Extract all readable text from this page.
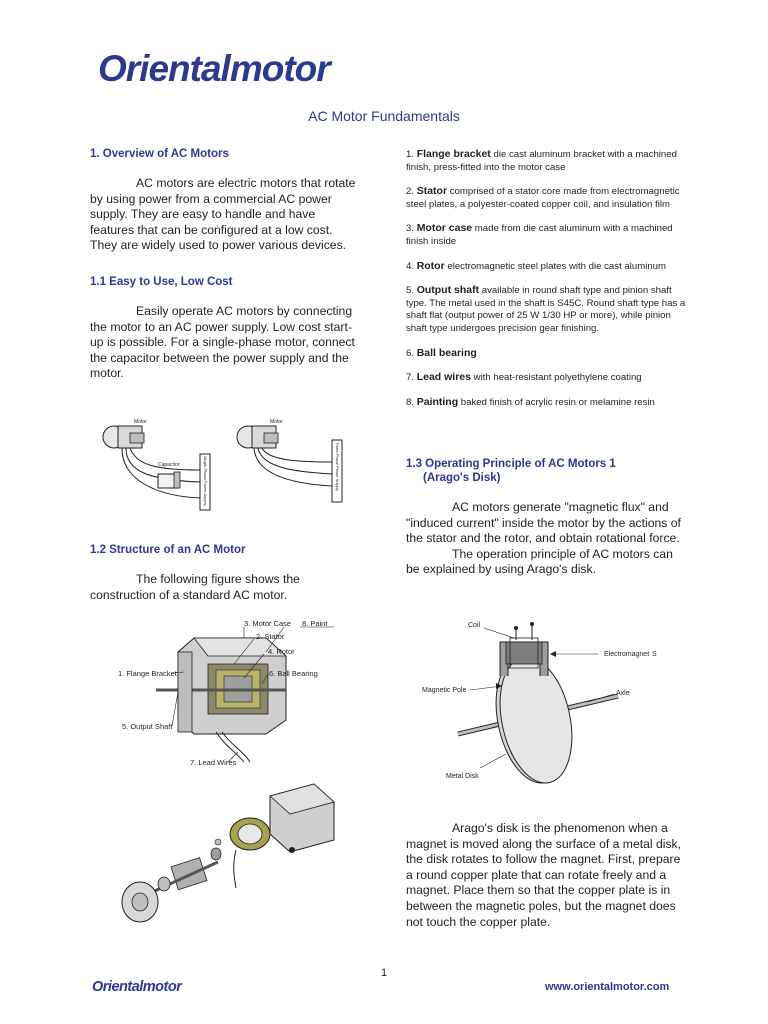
Orientalmotor
AC Motor Fundamentals
1. Overview of AC Motors
AC motors are electric motors that rotate by using power from a commercial AC power supply. They are easy to handle and have features that can be configured at a low cost. They are widely used to power various devices.
1.1 Easy to Use, Low Cost
Easily operate AC motors by connecting the motor to an AC power supply. Low cost start-up is possible. For a single-phase motor, connect the capacitor between the power supply and the motor.
Motor
Capacitor	Single-Phase Power Supply
Motor
Three-Phase Power Supply
1.2 Structure of an AC Motor
The following figure shows the construction of a standard AC motor.
3. Motor Case 8. Paint
2. Stator
4. Rotor
1. Flange Bracket	6. Ball Bearing
5. Output Shaft
7. Lead Wires
1. Flange bracket die cast aluminum bracket with a machined finish, press-fitted into the motor case
2. Stator comprised of a stator core made from electromagnetic steel plates, a polyester-coated copper coil, and insulation film
3. Motor case made from die cast aluminum with a machined finish inside
4. Rotor electromagnetic steel plates with die cast aluminum
5. Output shaft available in round shaft type and pinion shaft type. The metal used in the shaft is S45C. Round shaft type has a shaft flat (output power of 25 W 1/30 HP or more), while pinion shaft type undergoes precision gear finishing.
6. Ball bearing
7. Lead wires with heat-resistant polyethylene coating
8. Painting baked finish of acrylic resin or melamine resin
1.3 Operating Principle of AC Motors 1
(Arago's Disk)
AC motors generate "magnetic flux" and "induced current" inside the motor by the actions of the stator and the rotor, and obtain rotational force.
The operation principle of AC motors can be explained by using Arago's disk.
Coil
Electromagnet S
Magnetic Pole	Axle
Metal Disk
Arago's disk is the phenomenon when a magnet is moved along the surface of a metal disk, the disk rotates to follow the magnet. First, prepare a round copper plate that can rotate freely and a magnet. Place them so that the copper plate is in between the magnetic poles, but the magnet does not touch the copper plate.
1
Orientalmotor	www.orientalmotor.com
